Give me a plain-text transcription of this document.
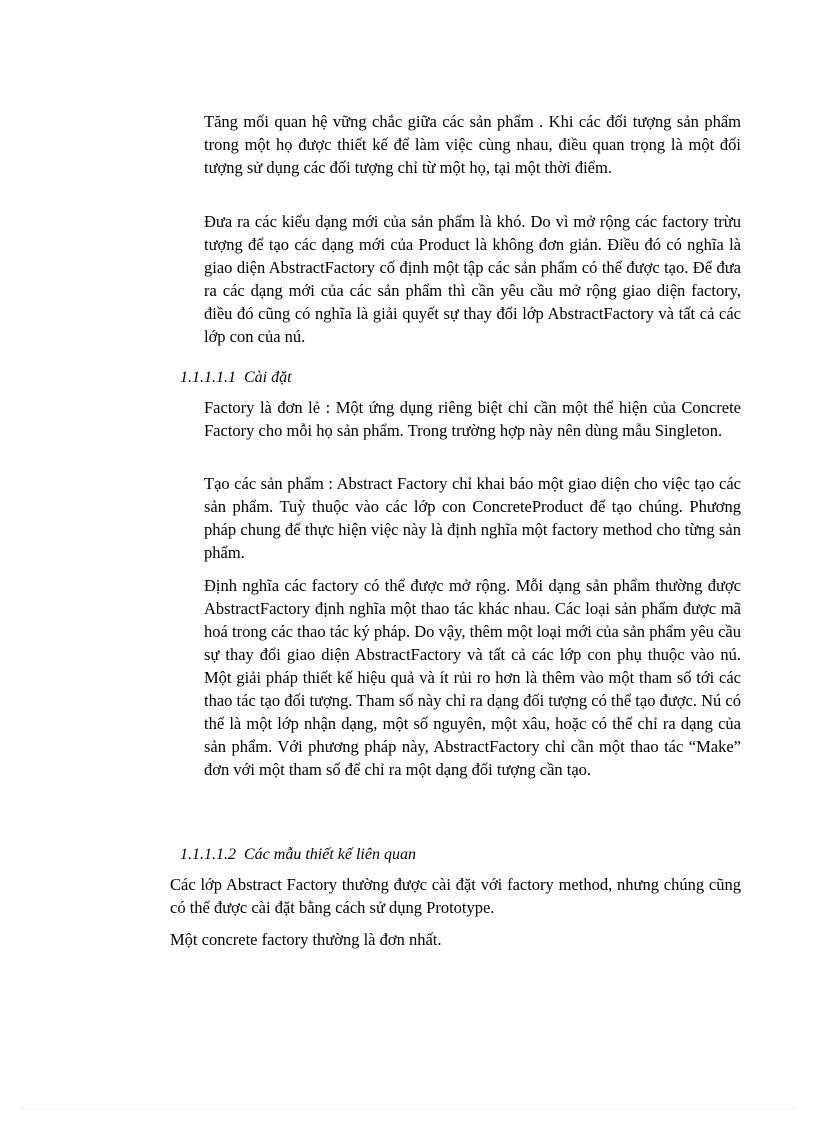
Tăng mối quan hệ vững chắc giữa các sản phẩm . Khi các đối tượng sản phẩm trong một họ được thiết kế để làm việc cùng nhau, điều quan trọng là một đối tượng sử dụng các đối tượng chỉ từ một họ, tại một thời điểm.

Đưa ra các kiểu dạng mới của sản phẩm là khó. Do vì mở rộng các factory trừu tượng để tạo các dạng mới của Product là không đơn giản. Điều đó có nghĩa là giao diện AbstractFactory cố định một tập các sản phẩm có thể được tạo. Để đưa ra các dạng mới của các sản phẩm thì cần yêu cầu mở rộng giao diện factory, điều đó cũng có nghĩa là giải quyết sự thay đổi lớp AbstractFactory và tất cả các lớp con của nú.

1.1.1.1.1 Cài đặt

Factory là đơn lẻ : Một ứng dụng riêng biệt chỉ cần một thể hiện của Concrete Factory cho mỗi họ sản phẩm. Trong trường hợp này nên dùng mẫu Singleton.

Tạo các sản phẩm : Abstract Factory chỉ khai báo một giao diện cho việc tạo các sản phẩm. Tuỳ thuộc vào các lớp con ConcreteProduct để tạo chúng. Phương pháp chung để thực hiện việc này là định nghĩa một factory method cho từng sản phẩm.

Định nghĩa các factory có thể được mở rộng. Mỗi dạng sản phẩm thường được AbstractFactory định nghĩa một thao tác khác nhau. Các loại sản phẩm được mã hoá trong các thao tác ký pháp. Do vậy, thêm một loại mới của sản phẩm yêu cầu sự thay đổi giao diện AbstractFactory và tất cả các lớp con phụ thuộc vào nú. Một giải pháp thiết kế hiệu quả và ít rủi ro hơn là thêm vào một tham số tới các thao tác tạo đối tượng. Tham số này chỉ ra dạng đối tượng có thể tạo được. Nú có thể là một lớp nhận dạng, một số nguyên, một xâu, hoặc có thể chỉ ra dạng của sản phẩm. Với phương pháp này, AbstractFactory chỉ cần một thao tác “Make” đơn với một tham số để chỉ ra một dạng đối tượng cần tạo.

1.1.1.1.2 Các mẫu thiết kế liên quan

Các lớp Abstract Factory thường được cài đặt với factory method, nhưng chúng cũng có thể được cài đặt bằng cách sử dụng Prototype.

Một concrete factory thường là đơn nhất.
